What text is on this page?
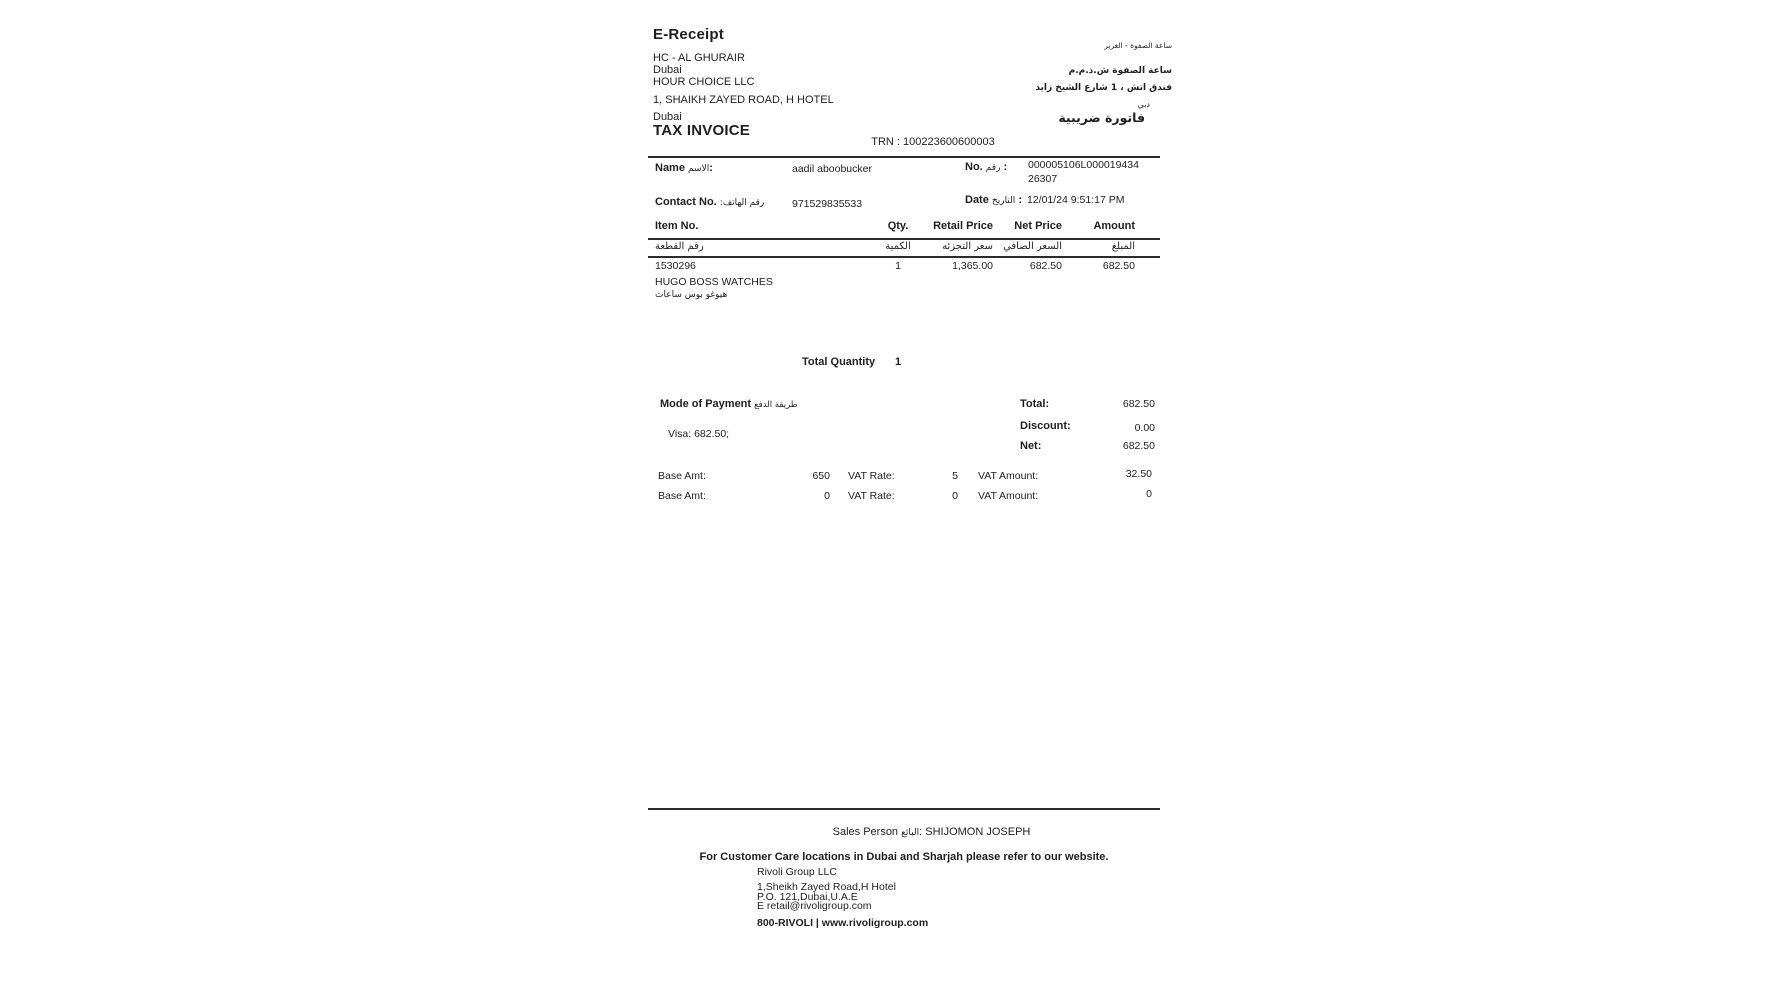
E-Receipt
HC - AL GHURAIR
Dubai
HOUR CHOICE LLC
1, SHAIKH ZAYED ROAD, H HOTEL
Dubai
TAX INVOICE
ساعة الصفوة - الغرير
ساعة الصفوة ش.ذ.م.م
فندق اتش ، 1 شارع الشيخ زايد
دبي
فاتورة ضريبية
TRN : 100223600600003
Name الاسم:	aadil aboobucker	No. رقم : 000005106L000019434
26307
Contact No. رقم الهاتف:	971529835533	Date التاريخ : 12/01/24 9:51:17 PM
Item No.	Qty.	Retail Price	Net Price	Amount
رقم القطعة	الكمية	سعر التجزئه	السعر الصافي	المبلغ
1530296	1	1,365.00	682.50	682.50
HUGO BOSS WATCHES
هيوغو بوس ساعات
Total Quantity 1
Mode of Payment طريقة الدفع
Visa: 682.50;
Total:	682.50
Discount:	0.00
Net:	682.50
Base Amt:	650 VAT Rate:	5 VAT Amount:	32.50
Base Amt:	0 VAT Rate:	0 VAT Amount:	0
Sales Person البائع: SHIJOMON JOSEPH
For Customer Care locations in Dubai and Sharjah please refer to our website.
Rivoli Group LLC
1,Sheikh Zayed Road,H Hotel
P.O. 121,Dubai,U.A.E
E retail@rivoligroup.com
800-RIVOLI | www.rivoligroup.com
